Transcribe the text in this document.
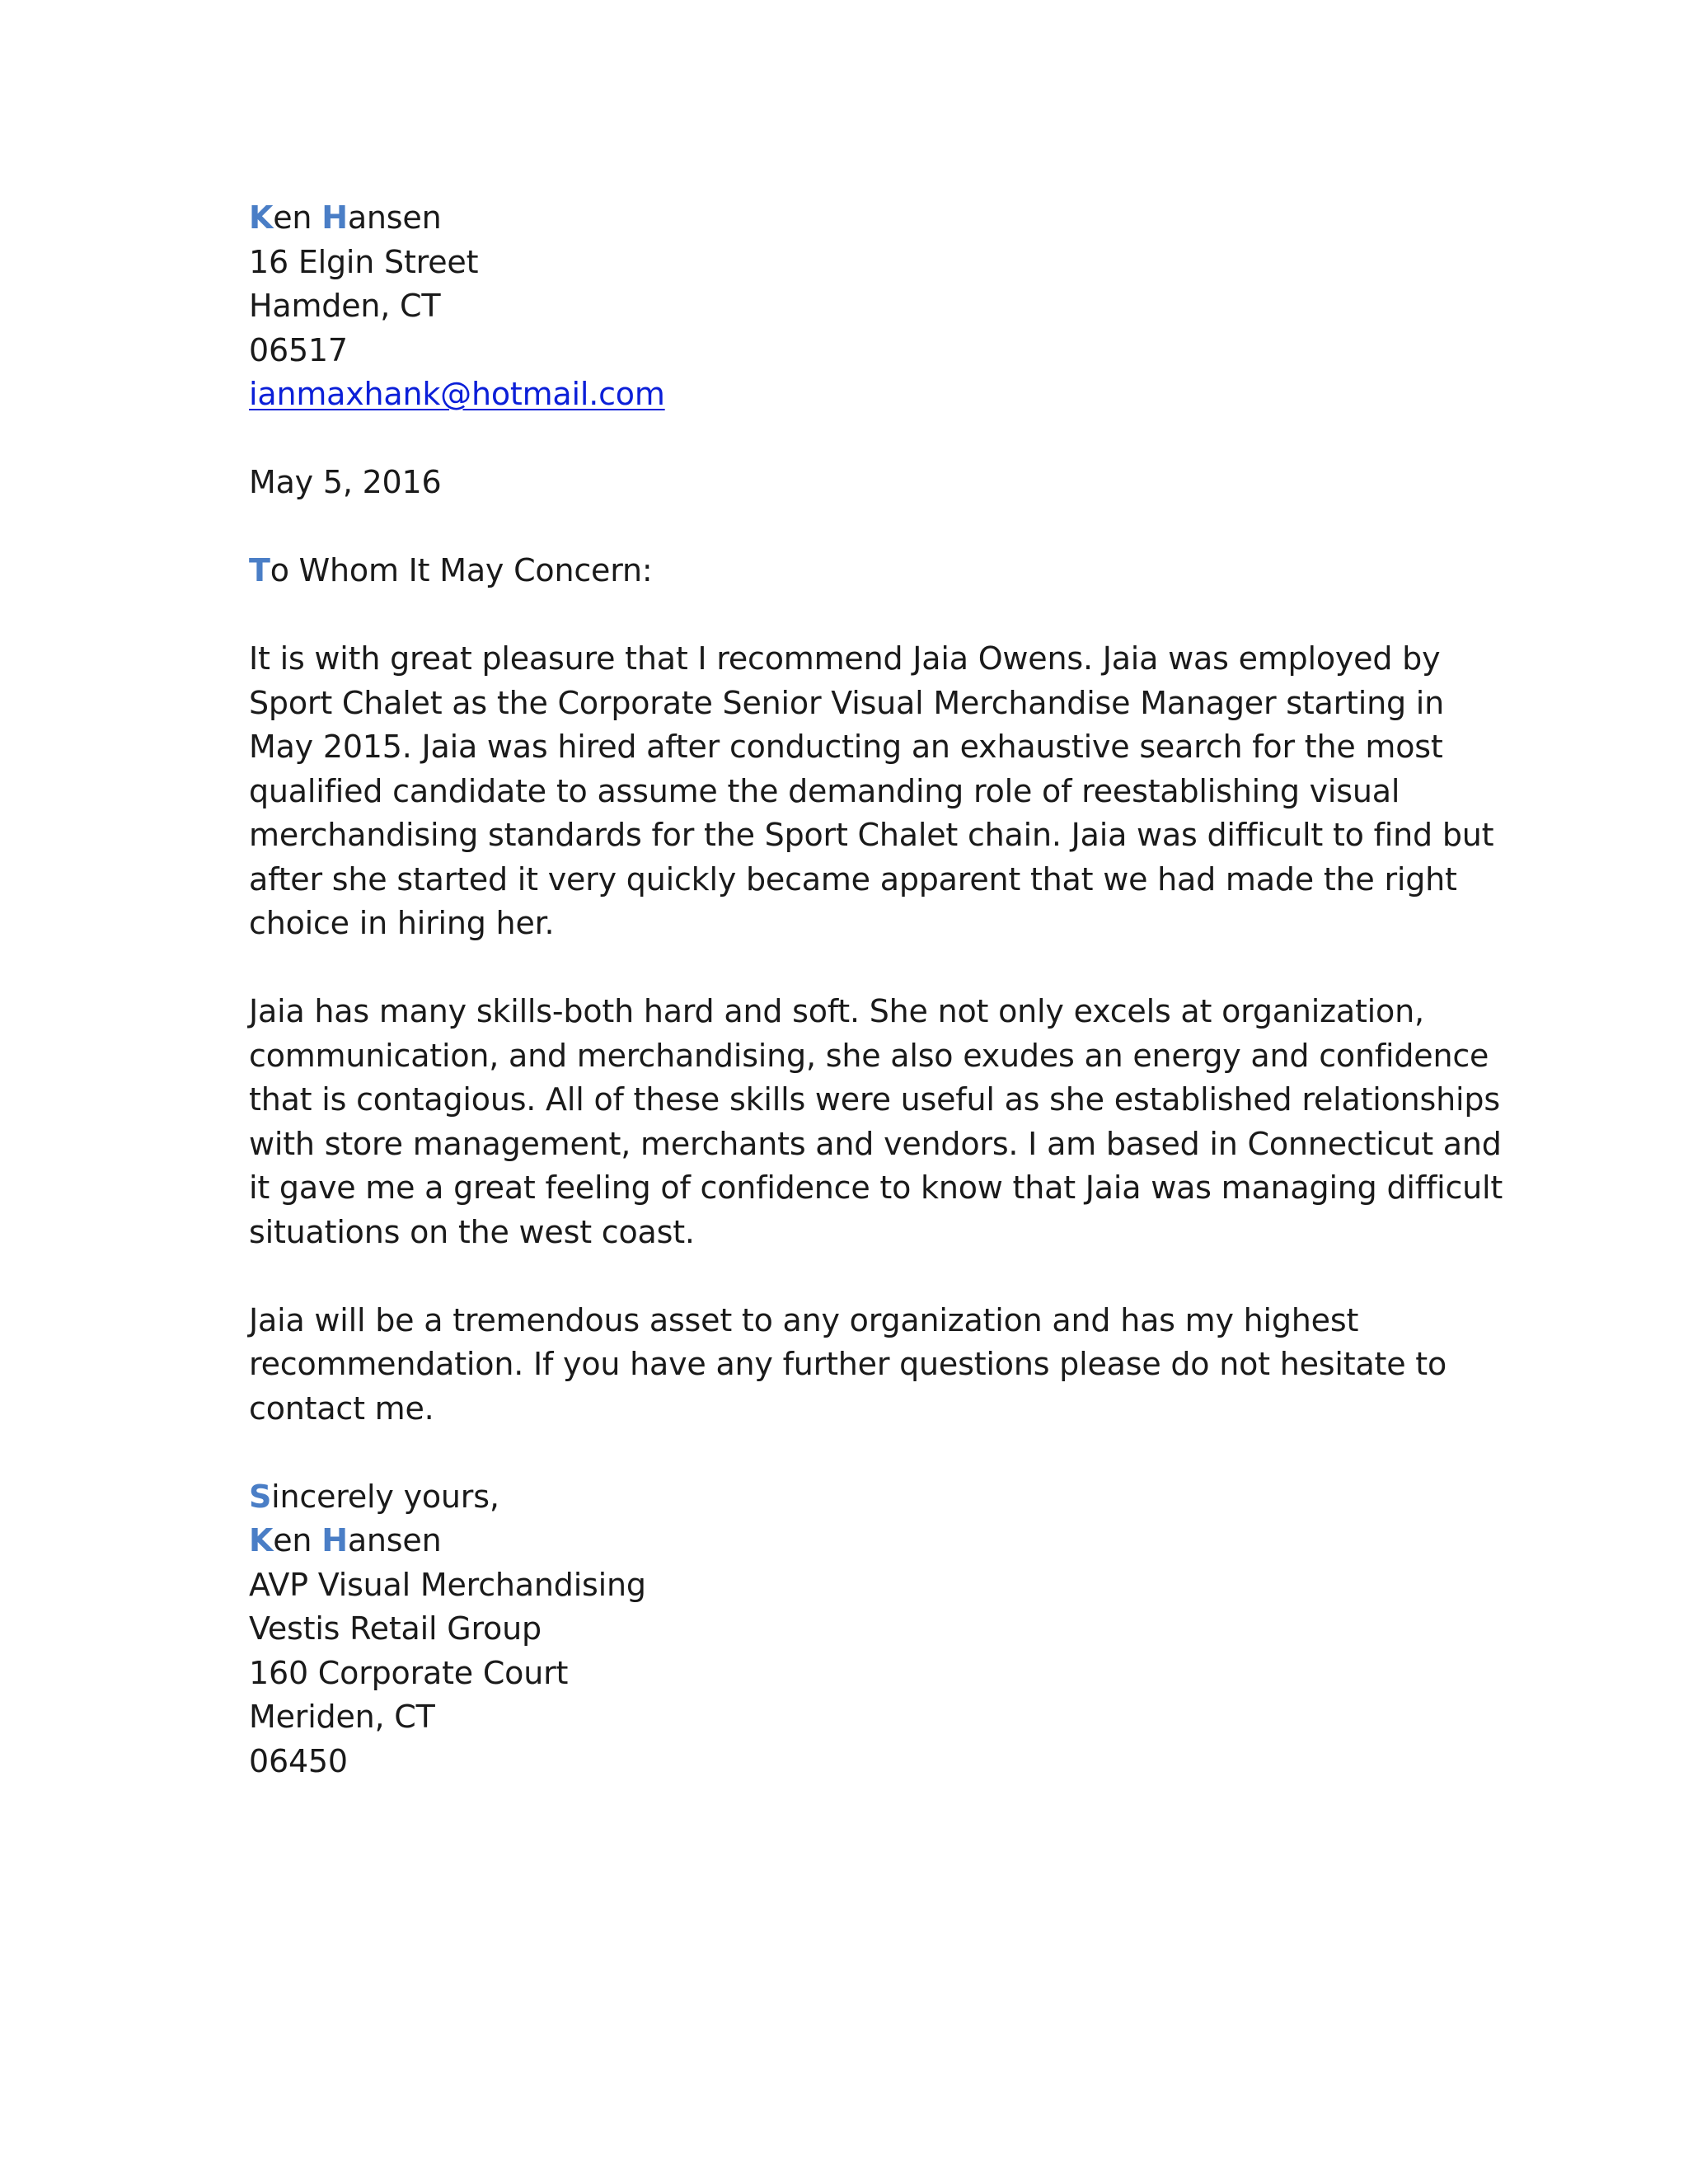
Ken Hansen
16 Elgin Street
Hamden, CT
06517
ianmaxhank@hotmail.com
May 5, 2016
To Whom It May Concern:

It is with great pleasure that I recommend Jaia Owens. Jaia was employed by

Sport Chalet as the Corporate Senior Visual Merchandise Manager starting in

May 2015. Jaia was hired after conducting an exhaustive search for the most

qualified candidate to assume the demanding role of reestablishing visual

merchandising standards for the Sport Chalet chain. Jaia was difficult to find but

after she started it very quickly became apparent that we had made the right

choice in hiring her.

Jaia has many skills-both hard and soft. She not only excels at organization,

communication, and merchandising, she also exudes an energy and confidence

that is contagious. All of these skills were useful as she established relationships

with store management, merchants and vendors. I am based in Connecticut and

it gave me a great feeling of confidence to know that Jaia was managing difficult

situations on the west coast.

Jaia will be a tremendous asset to any organization and has my highest

recommendation. If you have any further questions please do not hesitate to

contact me.

Sincerely yours,
Ken Hansen
AVP Visual Merchandising
Vestis Retail Group
160 Corporate Court
Meriden, CT
06450
